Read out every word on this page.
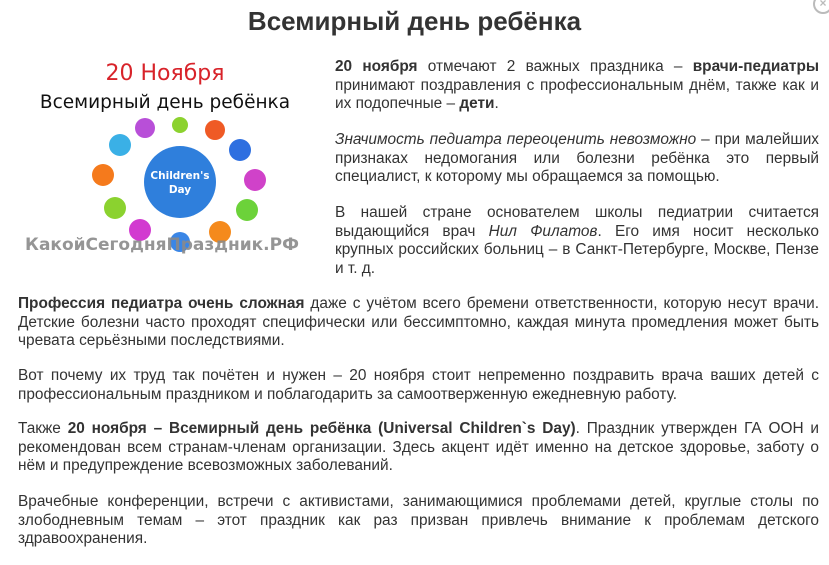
Всемирный день ребёнка
×
20 Ноября
Всемирный день ребёнка
Children's
Day
КакойСегодняПраздник.РФ

20 ноября отмечают 2 важных праздника – врачи-педиатры принимают поздравления с профессиональным днём, также как и их подопечные – дети.

Значимость педиатра переоценить невозможно – при малейших признаках недомогания или болезни ребёнка это первый специалист, к которому мы обращаемся за помощью.

В нашей стране основателем школы педиатрии считается выдающийся врач Нил Филатов. Его имя носит несколько крупных российских больниц – в Санкт-Петербурге, Москве, Пензе и т. д.

Профессия педиатра очень сложная даже с учётом всего бремени ответственности, которую несут врачи. Детские болезни часто проходят специфически или бессимптомно, каждая минута промедления может быть чревата серьёзными последствиями.

Вот почему их труд так почётен и нужен – 20 ноября стоит непременно поздравить врача ваших детей с профессиональным праздником и поблагодарить за самоотверженную ежедневную работу.

Также 20 ноября – Всемирный день ребёнка (Universal Children`s Day). Праздник утвержден ГА ООН и рекомендован всем странам-членам организации. Здесь акцент идёт именно на детское здоровье, заботу о нём и предупреждение всевозможных заболеваний.

Врачебные конференции, встречи с активистами, занимающимися проблемами детей, круглые столы по злободневным темам – этот праздник как раз призван привлечь внимание к проблемам детского здравоохранения.
